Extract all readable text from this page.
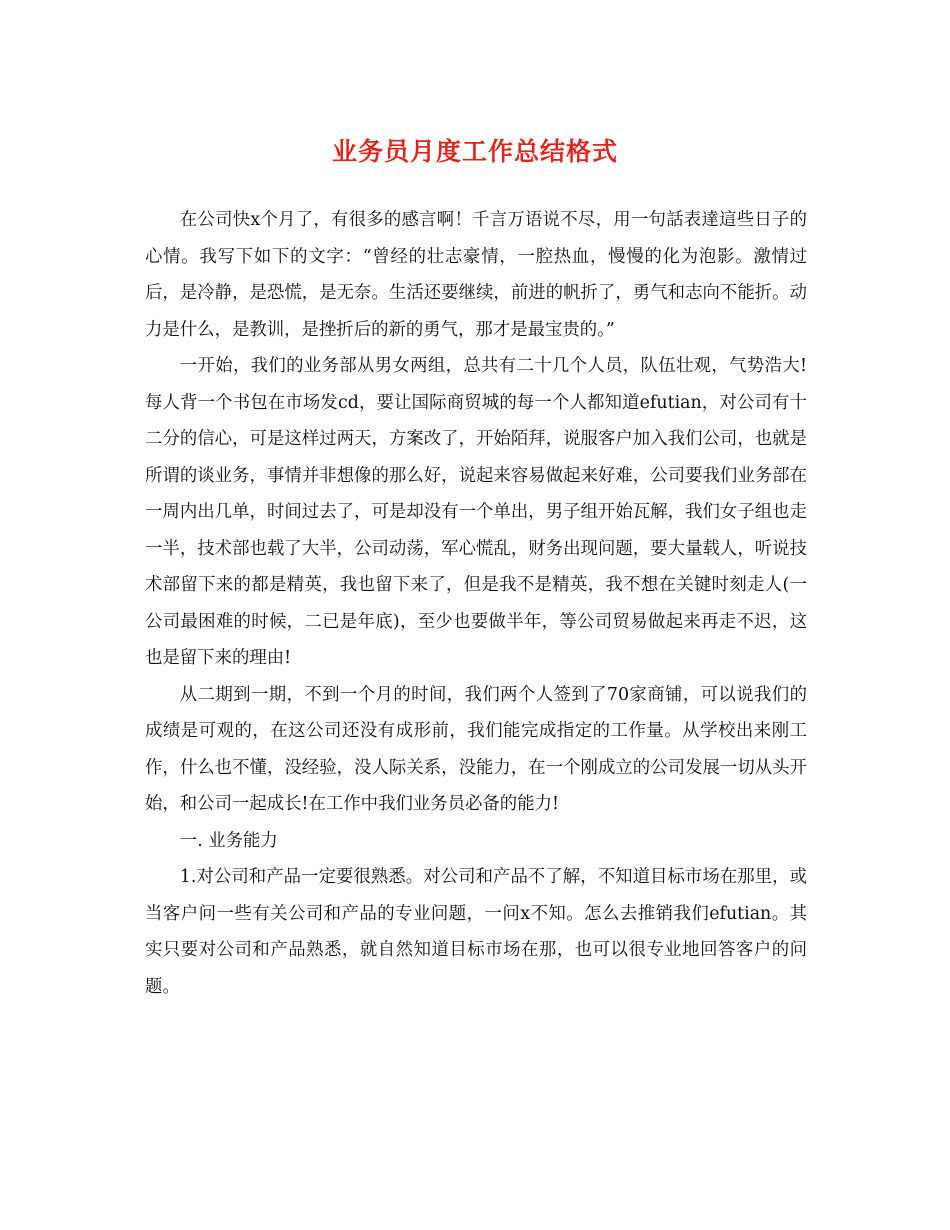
业务员月度工作总结格式

在公司快x个月了，有很多的感言啊！千言万语说不尽，用一句話表達這些日子的心情。我写下如下的文字：“曾经的壮志豪情，一腔热血，慢慢的化为泡影。激情过后，是冷静，是恐慌，是无奈。生活还要继续，前进的帆折了，勇气和志向不能折。动力是什么，是教训，是挫折后的新的勇气，那才是最宝贵的。”

一开始，我们的业务部从男女两组，总共有二十几个人员，队伍壮观，气势浩大!每人背一个书包在市场发cd，要让国际商贸城的每一个人都知道efutian，对公司有十二分的信心，可是这样过两天，方案改了，开始陌拜，说服客户加入我们公司，也就是所谓的谈业务，事情并非想像的那么好，说起来容易做起来好难，公司要我们业务部在一周内出几单，时间过去了，可是却没有一个单出，男子组开始瓦解，我们女子组也走一半，技术部也载了大半，公司动荡，军心慌乱，财务出现问题，要大量载人，听说技术部留下来的都是精英，我也留下来了，但是我不是精英，我不想在关键时刻走人(一公司最困难的时候，二已是年底)，至少也要做半年，等公司贸易做起来再走不迟，这也是留下来的理由!

从二期到一期，不到一个月的时间，我们两个人签到了70家商铺，可以说我们的成绩是可观的，在这公司还没有成形前，我们能完成指定的工作量。从学校出来刚工作，什么也不懂，没经验，没人际关系，没能力，在一个刚成立的公司发展一切从头开始，和公司一起成长!在工作中我们业务员必备的能力!

一. 业务能力

1.对公司和产品一定要很熟悉。对公司和产品不了解，不知道目标市场在那里，或当客户问一些有关公司和产品的专业问题，一问x不知。怎么去推销我们efutian。其实只要对公司和产品熟悉，就自然知道目标市场在那，也可以很专业地回答客户的问题。
